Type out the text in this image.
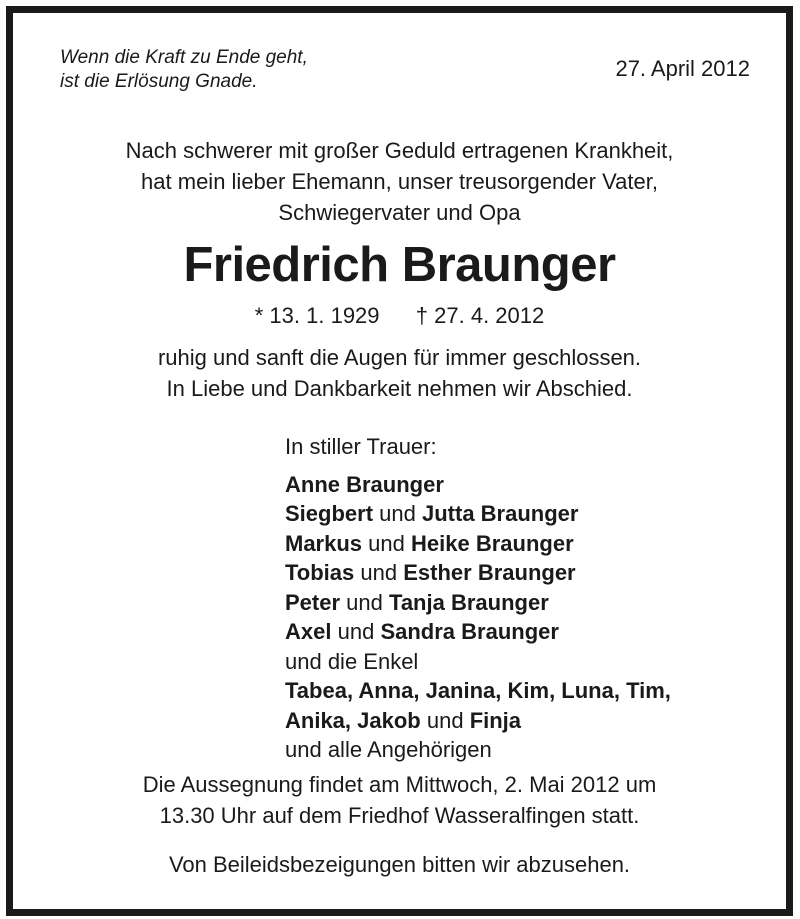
Wenn die Kraft zu Ende geht,
ist die Erlösung Gnade.
27. April 2012
Nach schwerer mit großer Geduld ertragenen Krankheit,
hat mein lieber Ehemann, unser treusorgender Vater,
Schwiegervater und Opa
Friedrich Braunger
* 13. 1. 1929 † 27. 4. 2012
ruhig und sanft die Augen für immer geschlossen.
In Liebe und Dankbarkeit nehmen wir Abschied.
In stiller Trauer:
Anne Braunger
Siegbert und Jutta Braunger
Markus und Heike Braunger
Tobias und Esther Braunger
Peter und Tanja Braunger
Axel und Sandra Braunger
und die Enkel
Tabea, Anna, Janina, Kim, Luna, Tim,
Anika, Jakob und Finja
und alle Angehörigen
Die Aussegnung findet am Mittwoch, 2. Mai 2012 um
13.30 Uhr auf dem Friedhof Wasseralfingen statt.
Von Beileidsbezeigungen bitten wir abzusehen.
